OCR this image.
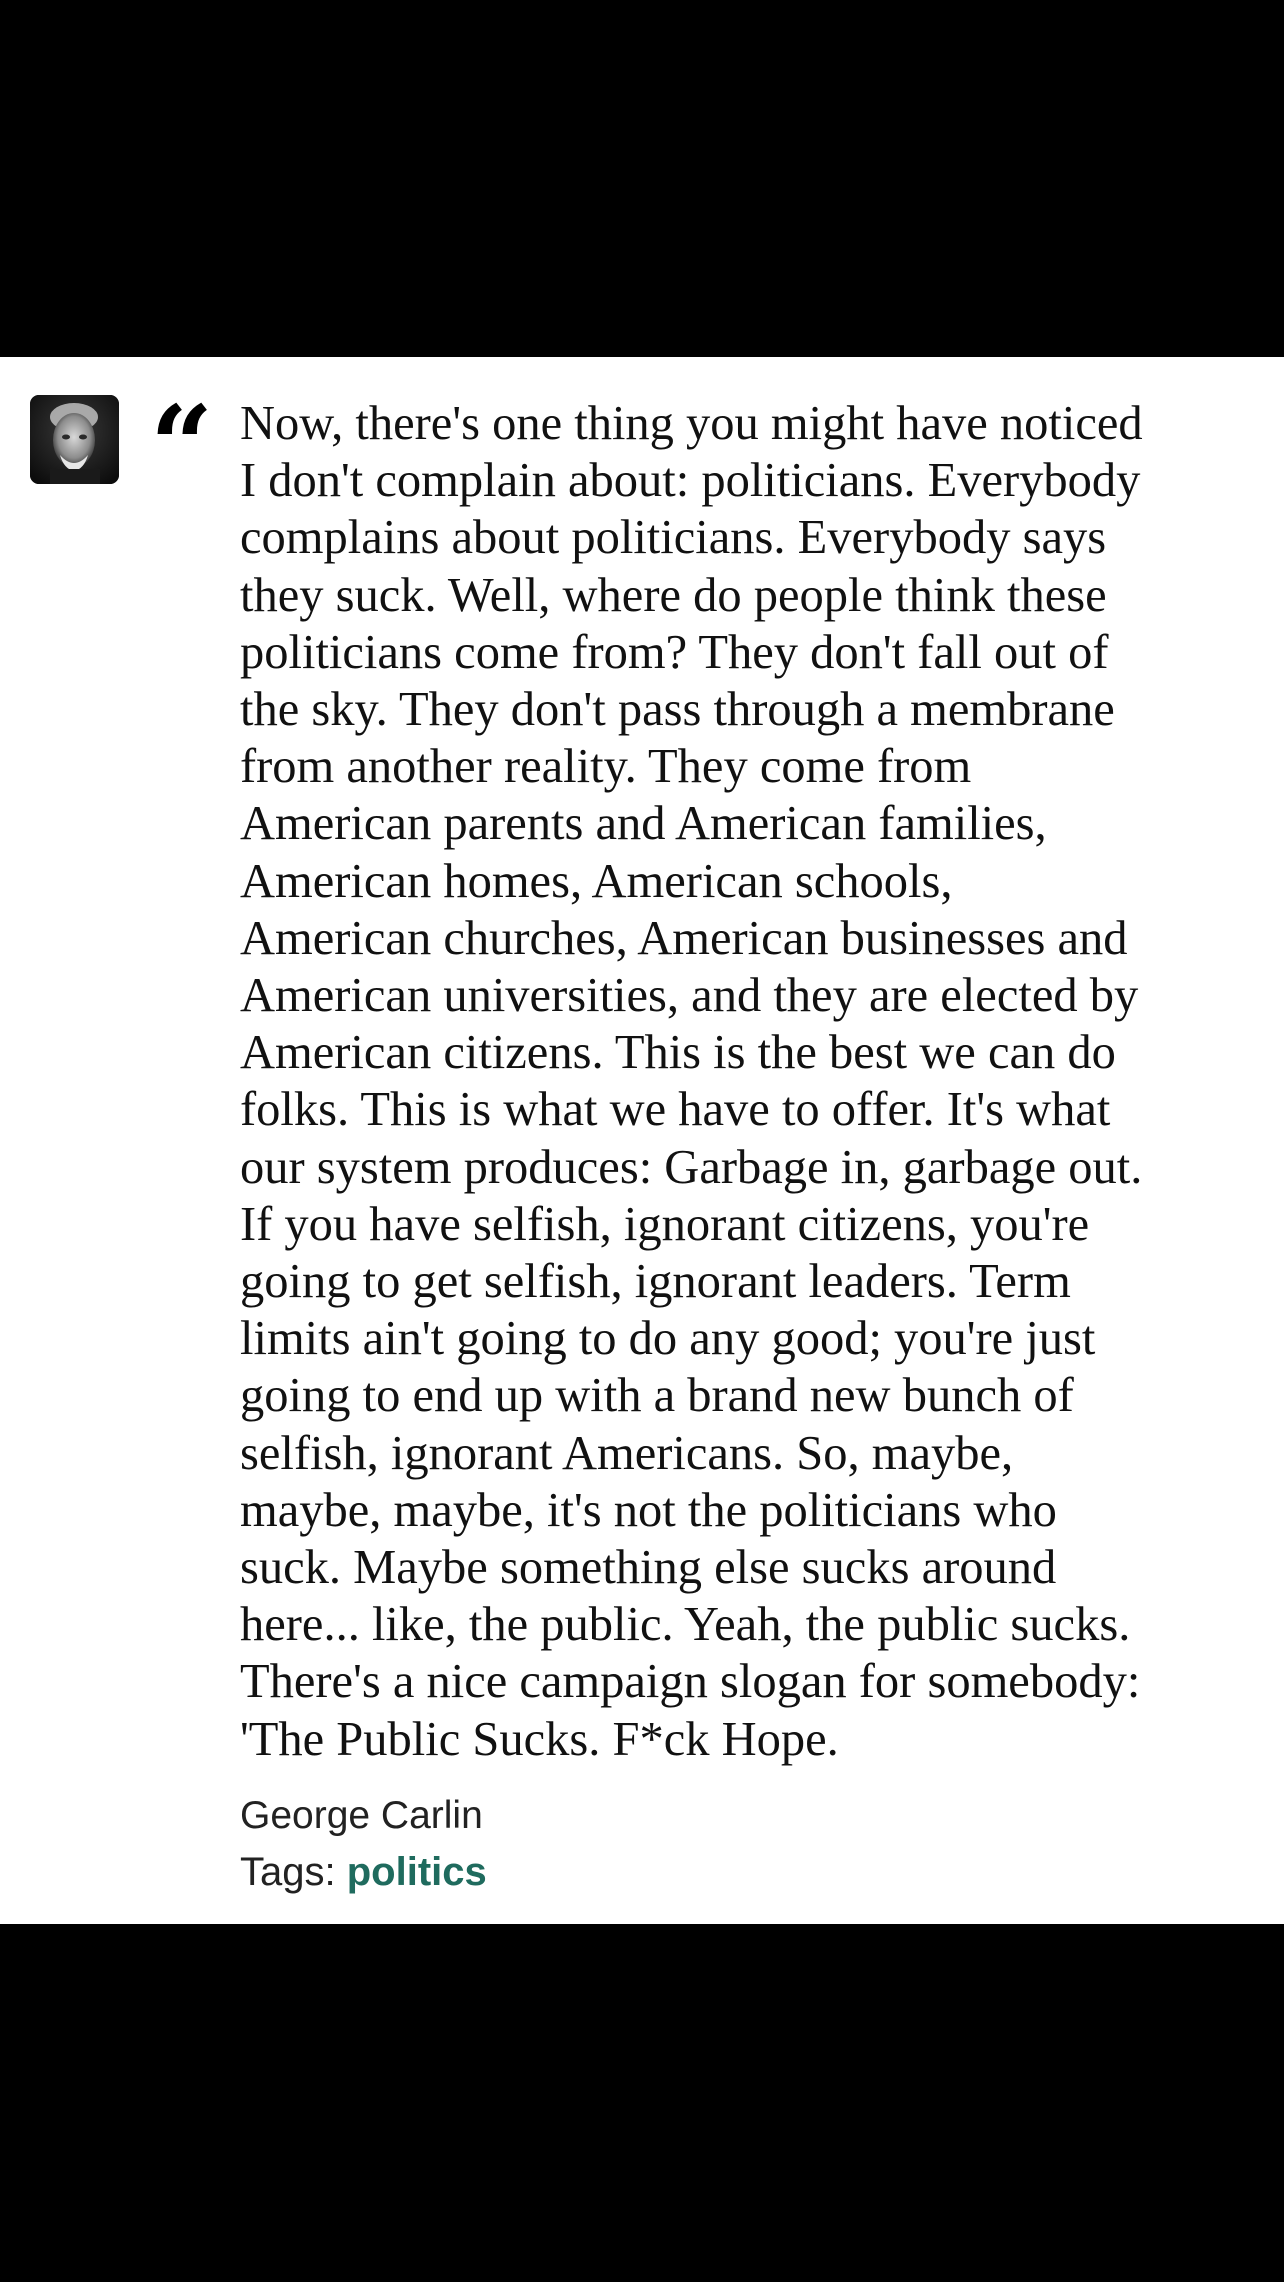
“ Now, there's one thing you might have noticed
I don't complain about: politicians. Everybody
complains about politicians. Everybody says
they suck. Well, where do people think these
politicians come from? They don't fall out of
the sky. They don't pass through a membrane
from another reality. They come from
American parents and American families,
American homes, American schools,
American churches, American businesses and
American universities, and they are elected by
American citizens. This is the best we can do
folks. This is what we have to offer. It's what
our system produces: Garbage in, garbage out.
If you have selfish, ignorant citizens, you're
going to get selfish, ignorant leaders. Term
limits ain't going to do any good; you're just
going to end up with a brand new bunch of
selfish, ignorant Americans. So, maybe,
maybe, maybe, it's not the politicians who
suck. Maybe something else sucks around
here... like, the public. Yeah, the public sucks.
There's a nice campaign slogan for somebody:
'The Public Sucks. F*ck Hope.

George Carlin
Tags: politics
